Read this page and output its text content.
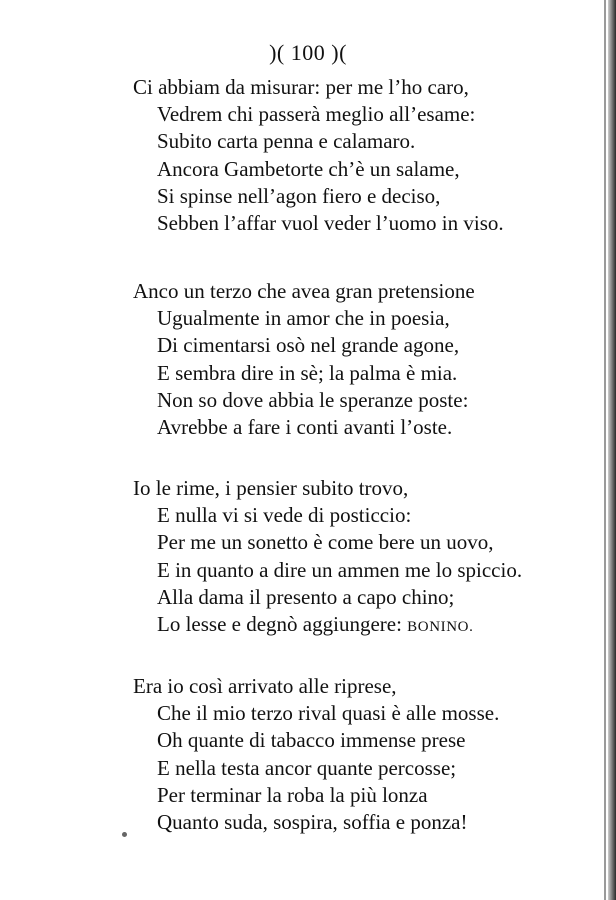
)( 100 )(
Ci abbiam da misurar: per me l’ho caro,
Vedrem chi passerà meglio all’esame:
Subito carta penna e calamaro.
Ancora Gambetorte ch’è un salame,
Si spinse nell’agon fiero e deciso,
Sebben l’affar vuol veder l’uomo in viso.
Anco un terzo che avea gran pretensione
Ugualmente in amor che in poesia,
Di cimentarsi osò nel grande agone,
E sembra dire in sè; la palma è mia.
Non so dove abbia le speranze poste:
Avrebbe a fare i conti avanti l’oste.
Io le rime, i pensier subito trovo,
E nulla vi si vede di posticcio:
Per me un sonetto è come bere un uovo,
E in quanto a dire un ammen me lo spiccio.
Alla dama il presento a capo chino;
Lo lesse e degnò aggiungere: BONINO.
Era io così arrivato alle riprese,
Che il mio terzo rival quasi è alle mosse.
Oh quante di tabacco immense prese
E nella testa ancor quante percosse;
Per terminar la roba la più lonza
Quanto suda, sospira, soffia e ponza!
